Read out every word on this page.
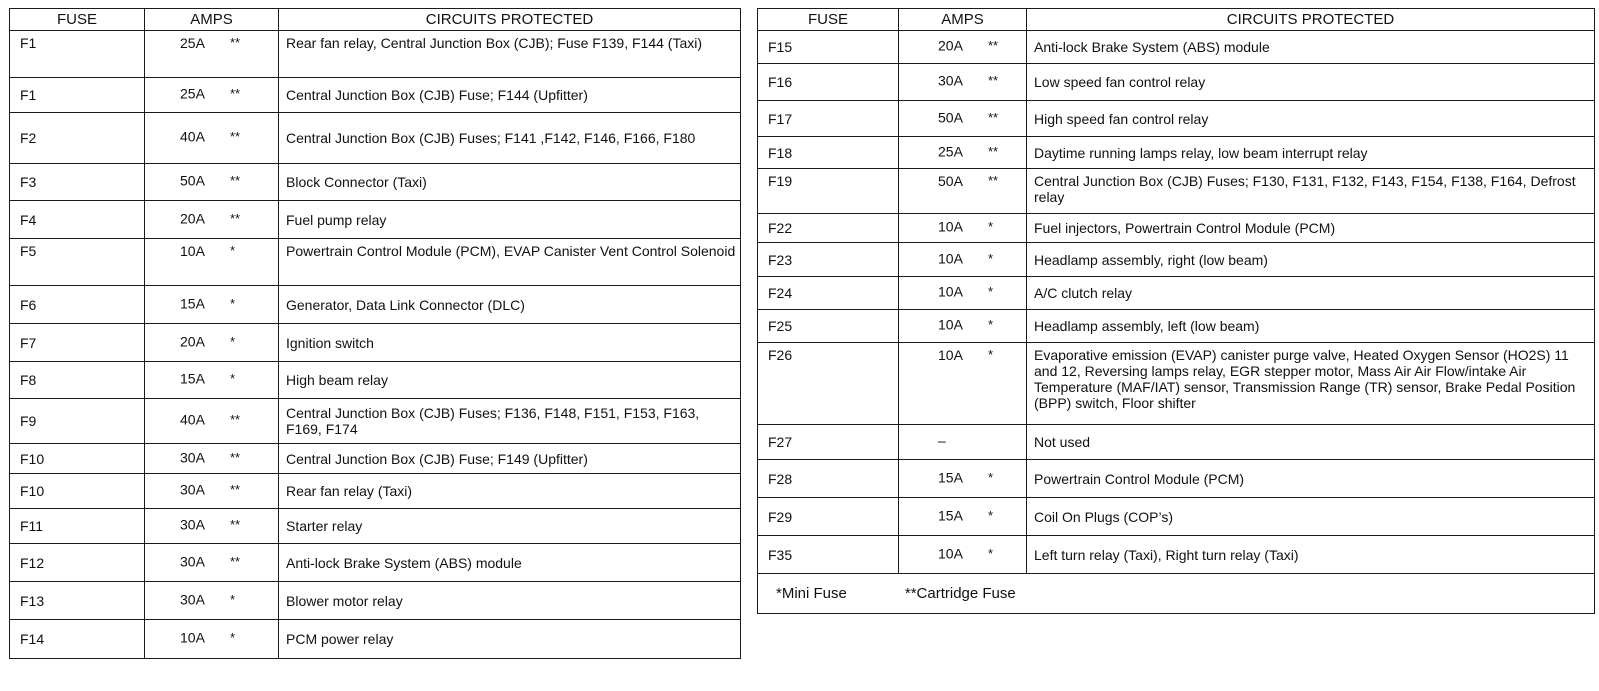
FUSE	AMPS	CIRCUITS PROTECTED
F1	25A **	Rear fan relay, Central Junction Box (CJB); Fuse F139, F144 (Taxi)
F1	25A **	Central Junction Box (CJB) Fuse; F144 (Upfitter)
F2	40A **	Central Junction Box (CJB) Fuses; F141 ,F142, F146, F166, F180
F3	50A **	Block Connector (Taxi)
F4	20A **	Fuel pump relay
F5	10A *	Powertrain Control Module (PCM), EVAP Canister Vent Control Solenoid
F6	15A *	Generator, Data Link Connector (DLC)
F7	20A *	Ignition switch
F8	15A *	High beam relay
F9	40A **	Central Junction Box (CJB) Fuses; F136, F148, F151, F153, F163, F169, F174
F10	30A **	Central Junction Box (CJB) Fuse; F149 (Upfitter)
F10	30A **	Rear fan relay (Taxi)
F11	30A **	Starter relay
F12	30A **	Anti-lock Brake System (ABS) module
F13	30A *	Blower motor relay
F14	10A *	PCM power relay
FUSE	AMPS	CIRCUITS PROTECTED
F15	20A **	Anti-lock Brake System (ABS) module
F16	30A **	Low speed fan control relay
F17	50A **	High speed fan control relay
F18	25A **	Daytime running lamps relay, low beam interrupt relay
F19	50A **	Central Junction Box (CJB) Fuses; F130, F131, F132, F143, F154, F138, F164, Defrost relay
F22	10A *	Fuel injectors, Powertrain Control Module (PCM)
F23	10A *	Headlamp assembly, right (low beam)
F24	10A *	A/C clutch relay
F25	10A *	Headlamp assembly, left (low beam)
F26	10A *	Evaporative emission (EVAP) canister purge valve, Heated Oxygen Sensor (HO2S) 11 and 12, Reversing lamps relay, EGR stepper motor, Mass Air Air Flow/intake Air Temperature (MAF/IAT) sensor, Transmission Range (TR) sensor, Brake Pedal Position (BPP) switch, Floor shifter
F27	–	Not used
F28	15A *	Powertrain Control Module (PCM)
F29	15A *	Coil On Plugs (COP’s)
F35	10A *	Left turn relay (Taxi), Right turn relay (Taxi)
*Mini Fuse **Cartridge Fuse		
